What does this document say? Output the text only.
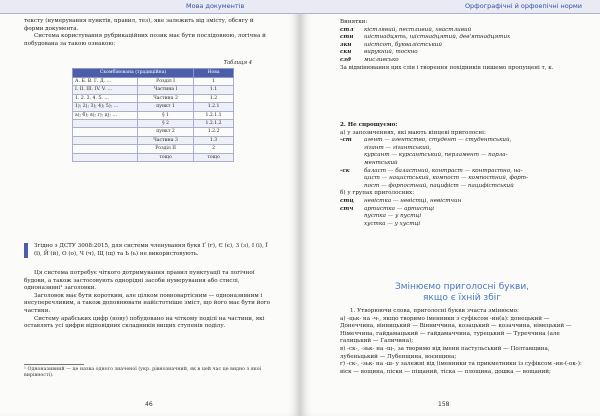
Мова документів

тексту (нумерування пунктів, правил, тез), яке залежить від змісту, обсягу й форми документа.

Система користування рубрикаційних позик має бути послідовною, логічна й побудована за такою ознакою:

Таблиця 4
Скомбінована (традиційна)		Нова
А. Б. В. Г. Д. …	Розділ І	1
І. ІІ. ІІІ. IV. V. …	Частина І	1.1
1. 2. 3. 4. 5. …	Частина 2	1.2
1); 2); 3); 4); 5); …	пункт 1	1.2.1
а); б); в); г); д); …	§ 1	1.2.1.1
	§ 2	1.2.1.2
	пункт 2	1.2.2
	Частина 3	1.3
	Розділ ІІ	2
	тощо	тощо
Згідно з ДСТУ 3008:2015, для системи членування букв Ґ (г), Є (є), З (з), І (і), Ї (ї), Й (й), О (о), Ч (ч), Щ (щ) та Ь (ь) не використовують.

Ця система потребує чіткого дотримування правил пунктуації та логічної будови, а також застосовують однорідні засоби нумерування або стислі, одноназивні¹ заголовки.

Заголовок має бути коротким, але цілком повновартісним — одноназивним і несуперечливим, а також доповнювати найістотніше зміст, що його має бути його частини.

Систему арабських цифр (нову) побудовано на чіткому поділі на частини, які оставлять усі цифри відповідних складників вищих ступенів поділу.

¹ Одноназивний — це назва одного значеної (укр. рівнозначний, як в цей час це видно з якої вирівності).
46
Орфографічні й орфоепічні норми

Винятки:

стл	кістлявий, пестливий, хвастливий
стн	шістнадцять, шістнадцятий, дев'ятнадцятих
зкн	шістсот, буквалістський
скн	вирукний, тоскно
сзд	мисливсько

За відмінювання цих слів і творення похідників пишемо пропущені т, к.

2. Не спрощуємо:

а) у запозиченнях, які мають кінцеві приголосні:

-ст	агент — агентство, студент — студентський,
гігант — гігантський,
курсант — курсантський, перламент — парла-
ментський
-ск	балаcт — баластний, контраст — контрастно, на-
цист — нацистський, компост — компостний, форт-
пост — форпостний, пацифіст — пацифістський

б) у групах приголосних:

стц	невістка — невістці, невістчин
стч	артистка — артистці
пустка — у пустці
хустка — у хустці
Змінюємо приголосні букви,
якщо є їхній збіг

1. Утворюючи слова, приголосні букви зчаста змінюємо:

а) -цьк- на -ч-, якщо творимо іменники з суфіксом -ин(а): донецький — Донеччина, вінницький — Вінниччина, козацький — козаччина, німецький — Німеччина, гайдамацький — гайдамаччина, турецький — Туреччина (але галицький — Галичина);

в) -ск-, -зьк- на -щ-, за творимо від імени пастульський — Полтавщина, лубеньцький — Лубенщина, воєнщина;

г) -ск-, -зьк- на -ш- у залежні від (іменники та прикметники із суфіксом -ин-(-ок-): віск — вощина, піски — піщаний, тіска — площина, дошка — вощаний;

158
